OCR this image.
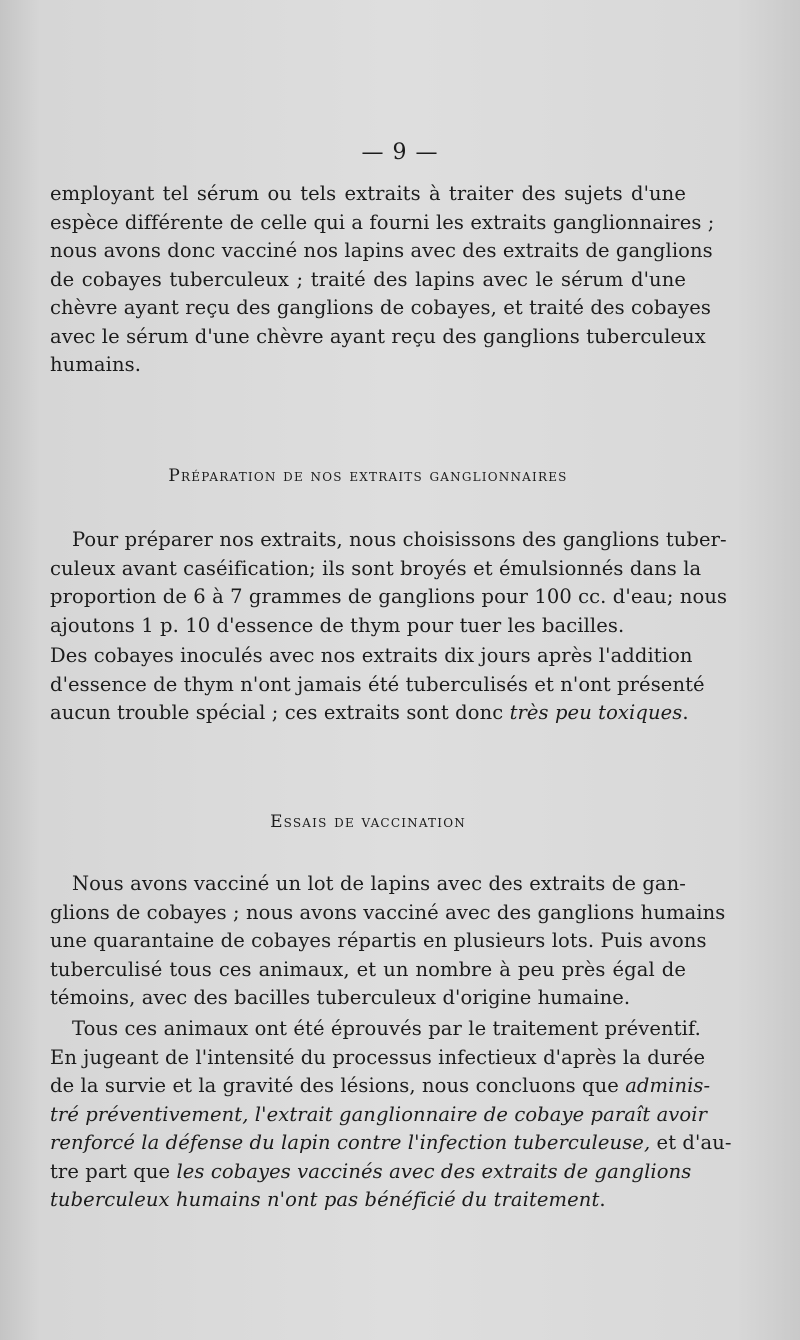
— 9 —
employant tel sérum ou tels extraits à traiter des sujets d'une
espèce différente de celle qui a fourni les extraits ganglionnaires ;
nous avons donc vacciné nos lapins avec des extraits de ganglions
de cobayes tuberculeux ; traité des lapins avec le sérum d'une
chèvre ayant reçu des ganglions de cobayes, et traité des cobayes
avec le sérum d'une chèvre ayant reçu des ganglions tuberculeux
humains.
Préparation de nos extraits ganglionnaires
Pour préparer nos extraits, nous choisissons des ganglions tuber-
culeux avant caséification; ils sont broyés et émulsionnés dans la
proportion de 6 à 7 grammes de ganglions pour 100 cc. d'eau; nous
ajoutons 1 p. 10 d'essence de thym pour tuer les bacilles.
Des cobayes inoculés avec nos extraits dix jours après l'addition
d'essence de thym n'ont jamais été tuberculisés et n'ont présenté
aucun trouble spécial ; ces extraits sont donc très peu toxiques.
Essais de vaccination
Nous avons vacciné un lot de lapins avec des extraits de gan-
glions de cobayes ; nous avons vacciné avec des ganglions humains
une quarantaine de cobayes répartis en plusieurs lots. Puis avons
tuberculisé tous ces animaux, et un nombre à peu près égal de
témoins, avec des bacilles tuberculeux d'origine humaine.
Tous ces animaux ont été éprouvés par le traitement préventif.
En jugeant de l'intensité du processus infectieux d'après la durée
de la survie et la gravité des lésions, nous concluons que adminis-
tré préventivement, l'extrait ganglionnaire de cobaye paraît avoir
renforcé la défense du lapin contre l'infection tuberculeuse, et d'au-
tre part que les cobayes vaccinés avec des extraits de ganglions
tuberculeux humains n'ont pas bénéficié du traitement.
